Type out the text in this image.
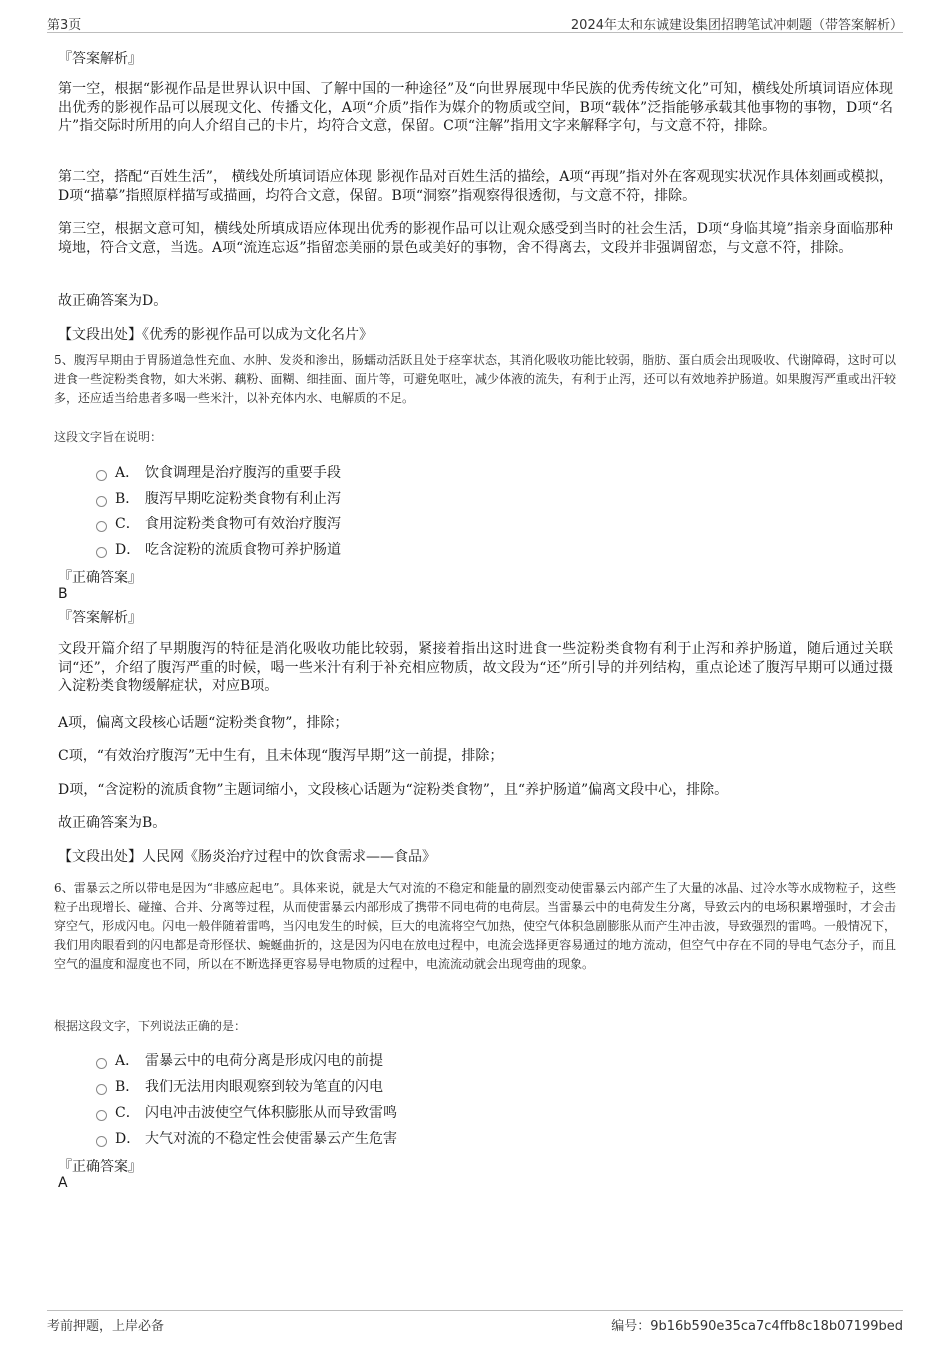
第3页	2024年太和东诚建设集团招聘笔试冲刺题（带答案解析）
『答案解析』
第一空，根据“影视作品是世界认识中国、了解中国的一种途径”及“向世界展现中华民族的优秀传统文化”可知，横线处所填词语应体现出优秀的影视作品可以展现文化、传播文化，A项“介质”指作为媒介的物质或空间，B项“载体”泛指能够承载其他事物的事物，D项“名片”指交际时所用的向人介绍自己的卡片，均符合文意，保留。C项“注解”指用文字来解释字句，与文意不符，排除。
第二空，搭配“百姓生活”， 横线处所填词语应体现 影视作品对百姓生活的描绘，A项“再现”指对外在客观现实状况作具体刻画或模拟，D项“描摹”指照原样描写或描画，均符合文意，保留。B项“洞察”指观察得很透彻，与文意不符，排除。
第三空，根据文意可知，横线处所填成语应体现出优秀的影视作品可以让观众感受到当时的社会生活，D项“身临其境”指亲身面临那种境地，符合文意，当选。A项“流连忘返”指留恋美丽的景色或美好的事物，舍不得离去，文段并非强调留恋，与文意不符，排除。
故正确答案为D。
【文段出处】《优秀的影视作品可以成为文化名片》
5、腹泻早期由于胃肠道急性充血、水肿、发炎和渗出，肠蠕动活跃且处于痉挛状态，其消化吸收功能比较弱，脂肪、蛋白质会出现吸收、代谢障碍，这时可以进食一些淀粉类食物，如大米粥、藕粉、面糊、细挂面、面片等，可避免呕吐，减少体液的流失，有利于止泻，还可以有效地养护肠道。如果腹泻严重或出汗较多，还应适当给患者多喝一些米汁，以补充体内水、电解质的不足。
这段文字旨在说明：
A． 饮食调理是治疗腹泻的重要手段
B． 腹泻早期吃淀粉类食物有利止泻
C． 食用淀粉类食物可有效治疗腹泻
D． 吃含淀粉的流质食物可养护肠道
『正确答案』
B
『答案解析』
文段开篇介绍了早期腹泻的特征是消化吸收功能比较弱，紧接着指出这时进食一些淀粉类食物有利于止泻和养护肠道，随后通过关联词“还”，介绍了腹泻严重的时候，喝一些米汁有利于补充相应物质，故文段为“还”所引导的并列结构，重点论述了腹泻早期可以通过摄入淀粉类食物缓解症状，对应B项。
A项，偏离文段核心话题“淀粉类食物”，排除；
C项，“有效治疗腹泻”无中生有，且未体现“腹泻早期”这一前提，排除；
D项，“含淀粉的流质食物”主题词缩小，文段核心话题为“淀粉类食物”，且“养护肠道”偏离文段中心，排除。
故正确答案为B。
【文段出处】人民网《肠炎治疗过程中的饮食需求——食品》
6、雷暴云之所以带电是因为“非感应起电”。具体来说，就是大气对流的不稳定和能量的剧烈变动使雷暴云内部产生了大量的冰晶、过冷水等水成物粒子，这些粒子出现增长、碰撞、合并、分离等过程，从而使雷暴云内部形成了携带不同电荷的电荷层。当雷暴云中的电荷发生分离，导致云内的电场积累增强时，才会击穿空气，形成闪电。闪电一般伴随着雷鸣，当闪电发生的时候，巨大的电流将空气加热，使空气体积急剧膨胀从而产生冲击波，导致强烈的雷鸣。一般情况下，我们用肉眼看到的闪电都是奇形怪状、蜿蜒曲折的，这是因为闪电在放电过程中，电流会选择更容易通过的地方流动，但空气中存在不同的导电气态分子，而且空气的温度和湿度也不同，所以在不断选择更容易导电物质的过程中，电流流动就会出现弯曲的现象。
根据这段文字，下列说法正确的是：
A． 雷暴云中的电荷分离是形成闪电的前提
B． 我们无法用肉眼观察到较为笔直的闪电
C． 闪电冲击波使空气体积膨胀从而导致雷鸣
D． 大气对流的不稳定性会使雷暴云产生危害
『正确答案』
A
考前押题，上岸必备	编号：9b16b590e35ca7c4ffb8c18b07199bed
